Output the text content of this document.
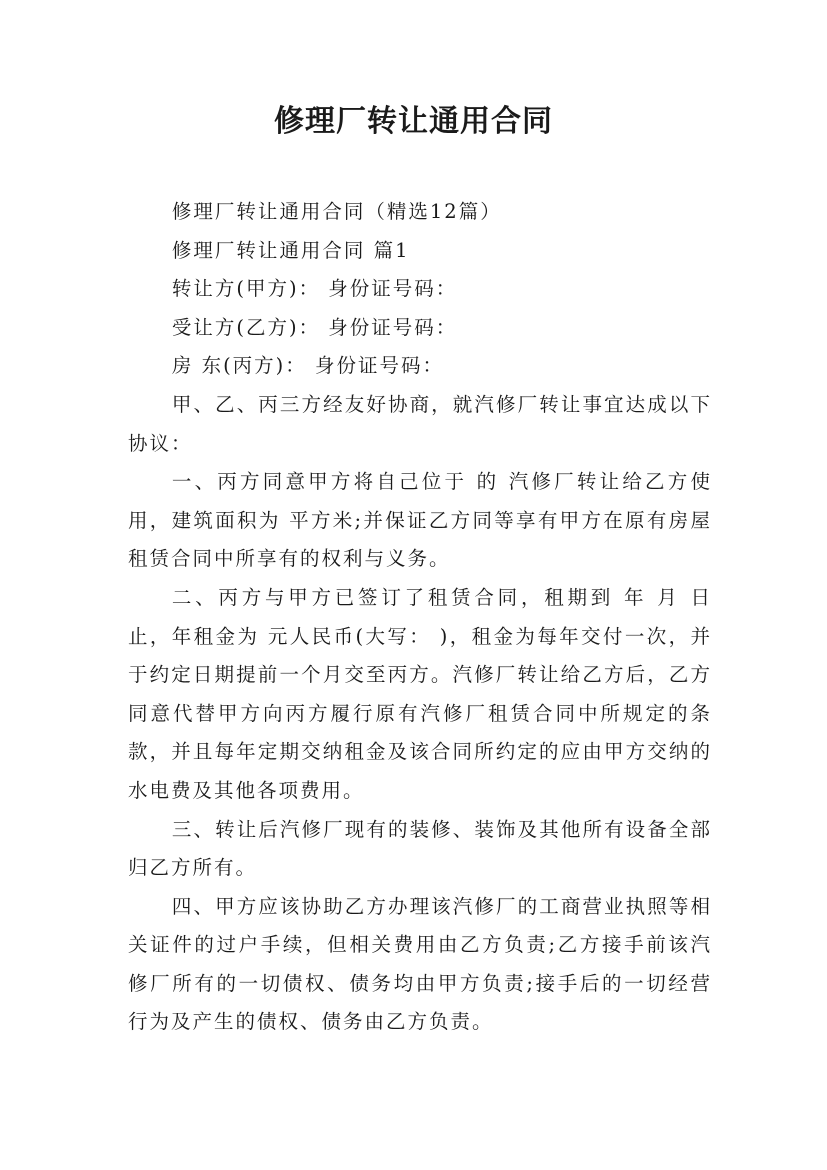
修理厂转让通用合同

修理厂转让通用合同（精选12篇）

修理厂转让通用合同 篇1

转让方(甲方)： 身份证号码：

受让方(乙方)： 身份证号码：

房 东(丙方)： 身份证号码：

甲、乙、丙三方经友好协商，就汽修厂转让事宜达成以下协议：

一、丙方同意甲方将自己位于 的 汽修厂转让给乙方使用，建筑面积为 平方米;并保证乙方同等享有甲方在原有房屋租赁合同中所享有的权利与义务。

二、丙方与甲方已签订了租赁合同，租期到 年 月 日止，年租金为 元人民币(大写： )，租金为每年交付一次，并于约定日期提前一个月交至丙方。汽修厂转让给乙方后，乙方同意代替甲方向丙方履行原有汽修厂租赁合同中所规定的条款，并且每年定期交纳租金及该合同所约定的应由甲方交纳的水电费及其他各项费用。

三、转让后汽修厂现有的装修、装饰及其他所有设备全部归乙方所有。

四、甲方应该协助乙方办理该汽修厂的工商营业执照等相关证件的过户手续，但相关费用由乙方负责;乙方接手前该汽修厂所有的一切债权、债务均由甲方负责;接手后的一切经营行为及产生的债权、债务由乙方负责。
